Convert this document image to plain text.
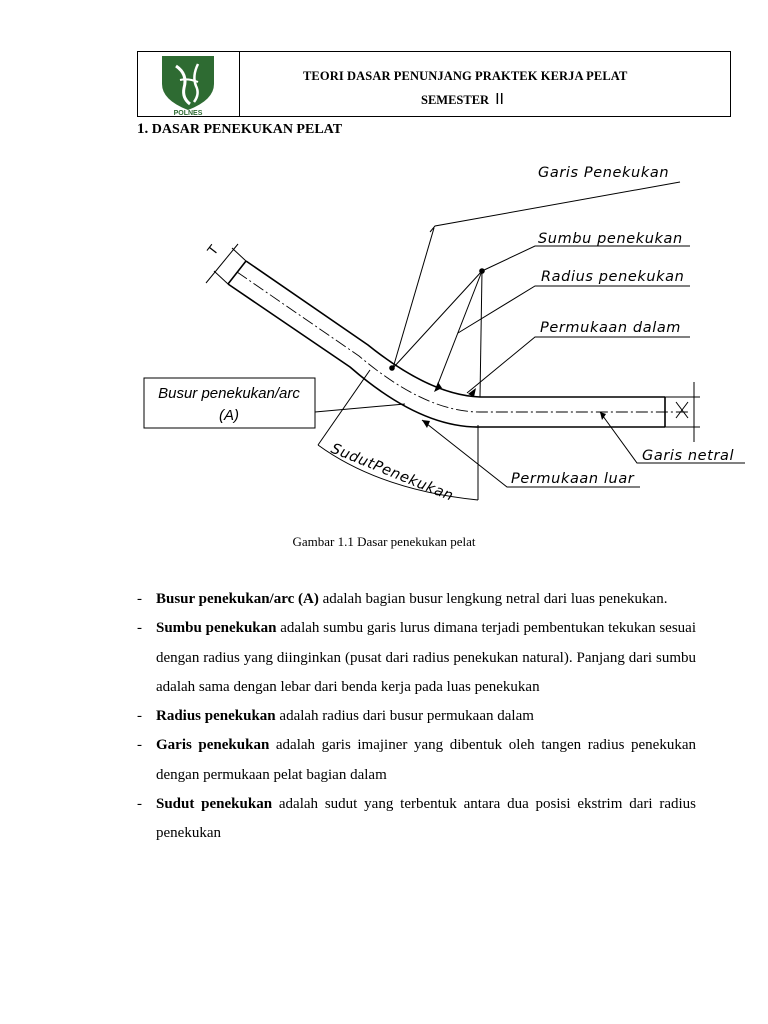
POLNES
TEORI DASAR PENUNJANG PRAKTEK KERJA PELAT
SEMESTER II
1. DASAR PENEKUKAN PELAT
T
Garis Penekukan
Sumbu penekukan
Radius penekukan
Permukaan dalam
Garis netral
Permukaan luar
SudutPenekukan
Busur penekukan/arc
(A)
Gambar 1.1 Dasar penekukan pelat
- Busur penekukan/arc (A) adalah bagian busur lengkung netral dari luas penekukan.
- Sumbu penekukan adalah sumbu garis lurus dimana terjadi pembentukan tekukan sesuai dengan radius yang diinginkan (pusat dari radius penekukan natural). Panjang dari sumbu adalah sama dengan lebar dari benda kerja pada luas penekukan
- Radius penekukan adalah radius dari busur permukaan dalam
- Garis penekukan adalah garis imajiner yang dibentuk oleh tangen radius penekukan dengan permukaan pelat bagian dalam
- Sudut penekukan adalah sudut yang terbentuk antara dua posisi ekstrim dari radius penekukan
